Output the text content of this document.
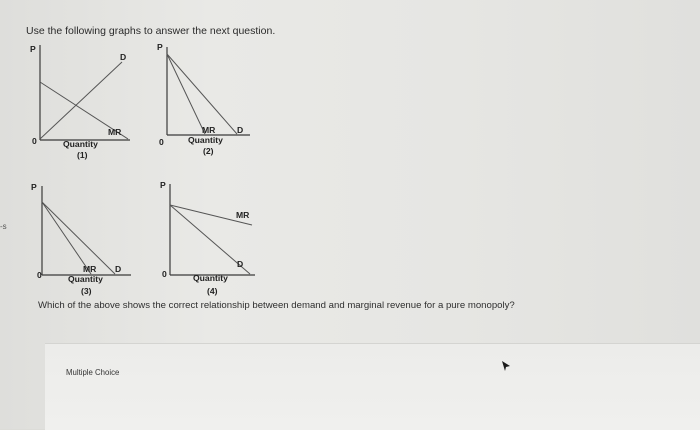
-s
Use the following graphs to answer the next question.
P
0
D
MR
Quantity
(1)
P
0
D
MR
Quantity
(2)
P
0
D
MR
Quantity
(3)
P
0
D
MR
Quantity
(4)
Which of the above shows the correct relationship between demand and marginal revenue for a pure monopoly?
Multiple Choice
